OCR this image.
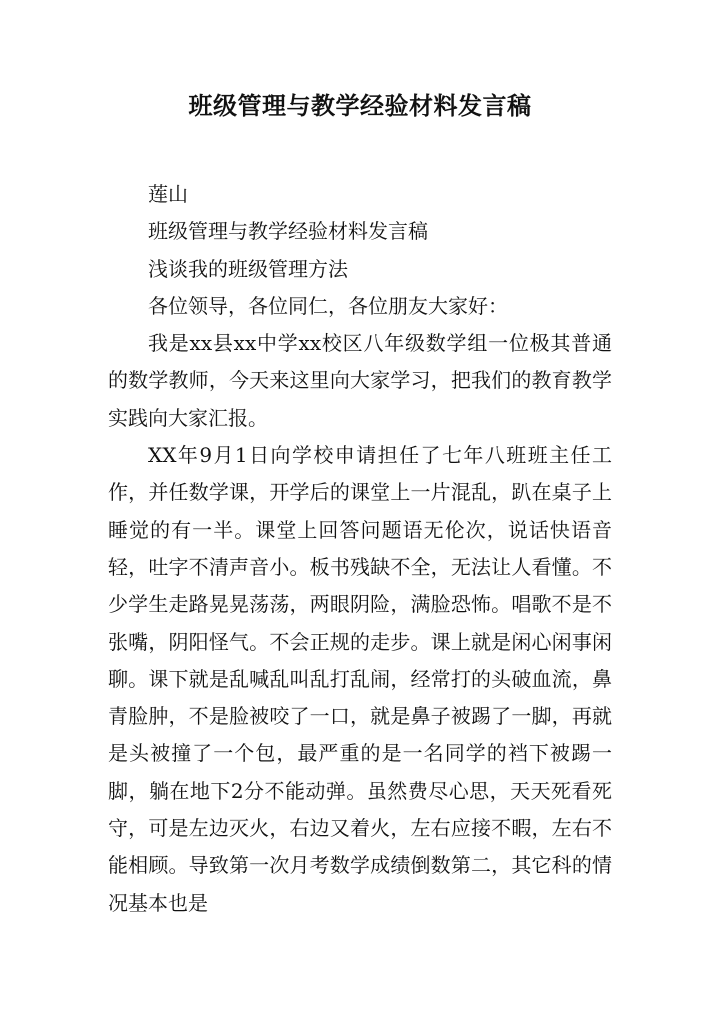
班级管理与教学经验材料发言稿
莲山
班级管理与教学经验材料发言稿
浅谈我的班级管理方法
各位领导，各位同仁，各位朋友大家好：

我是xx县xx中学xx校区八年级数学组一位极其普通的数学教师，今天来这里向大家学习，把我们的教育教学实践向大家汇报。

XX年9月1日向学校申请担任了七年八班班主任工作，并任数学课，开学后的课堂上一片混乱，趴在桌子上睡觉的有一半。课堂上回答问题语无伦次，说话快语音轻，吐字不清声音小。板书残缺不全，无法让人看懂。不少学生走路晃晃荡荡，两眼阴险，满脸恐怖。唱歌不是不张嘴，阴阳怪气。不会正规的走步。课上就是闲心闲事闲聊。课下就是乱喊乱叫乱打乱闹，经常打的头破血流，鼻青脸肿，不是脸被咬了一口，就是鼻子被踢了一脚，再就是头被撞了一个包，最严重的是一名同学的裆下被踢一脚，躺在地下2分不能动弹。虽然费尽心思，天天死看死守，可是左边灭火，右边又着火，左右应接不暇，左右不能相顾。导致第一次月考数学成绩倒数第二，其它科的情况基本也是
